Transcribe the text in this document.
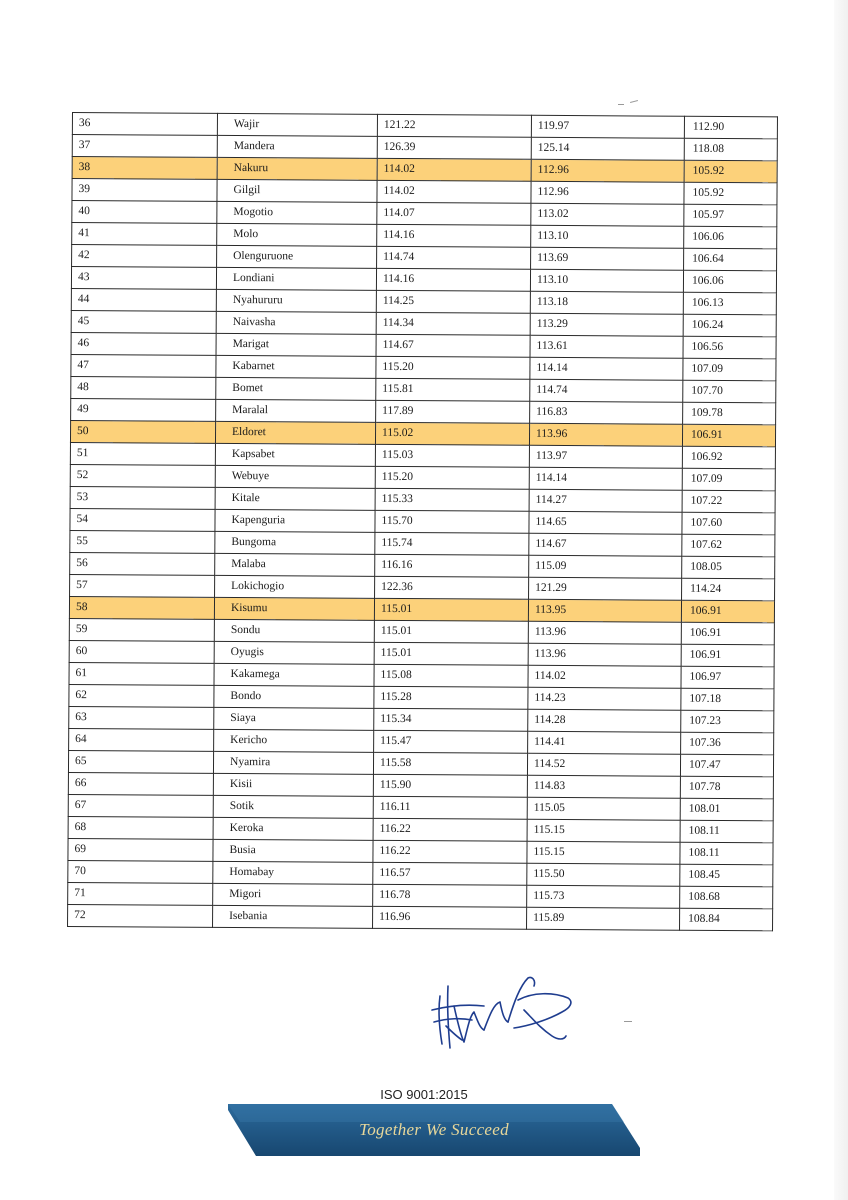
36	Wajir	121.22	119.97	112.90
37	Mandera	126.39	125.14	118.08
38	Nakuru	114.02	112.96	105.92
39	Gilgil	114.02	112.96	105.92
40	Mogotio	114.07	113.02	105.97
41	Molo	114.16	113.10	106.06
42	Olenguruone	114.74	113.69	106.64
43	Londiani	114.16	113.10	106.06
44	Nyahururu	114.25	113.18	106.13
45	Naivasha	114.34	113.29	106.24
46	Marigat	114.67	113.61	106.56
47	Kabarnet	115.20	114.14	107.09
48	Bomet	115.81	114.74	107.70
49	Maralal	117.89	116.83	109.78
50	Eldoret	115.02	113.96	106.91
51	Kapsabet	115.03	113.97	106.92
52	Webuye	115.20	114.14	107.09
53	Kitale	115.33	114.27	107.22
54	Kapenguria	115.70	114.65	107.60
55	Bungoma	115.74	114.67	107.62
56	Malaba	116.16	115.09	108.05
57	Lokichogio	122.36	121.29	114.24
58	Kisumu	115.01	113.95	106.91
59	Sondu	115.01	113.96	106.91
60	Oyugis	115.01	113.96	106.91
61	Kakamega	115.08	114.02	106.97
62	Bondo	115.28	114.23	107.18
63	Siaya	115.34	114.28	107.23
64	Kericho	115.47	114.41	107.36
65	Nyamira	115.58	114.52	107.47
66	Kisii	115.90	114.83	107.78
67	Sotik	116.11	115.05	108.01
68	Keroka	116.22	115.15	108.11
69	Busia	116.22	115.15	108.11
70	Homabay	116.57	115.50	108.45
71	Migori	116.78	115.73	108.68
72	Isebania	116.96	115.89	108.84
ISO 9001:2015
Together We Succeed
